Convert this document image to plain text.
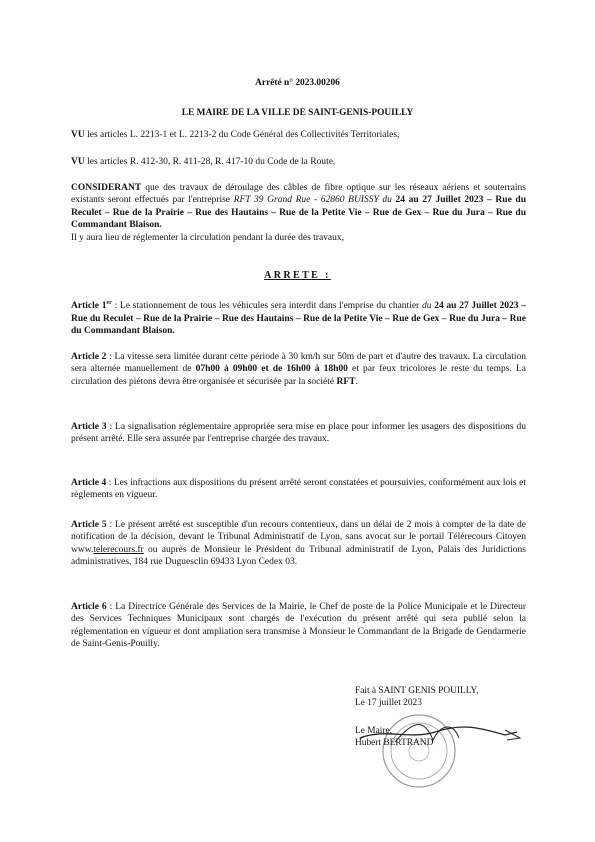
Arrêté n° 2023.00206
LE MAIRE DE LA VILLE DE SAINT-GENIS-POUILLY
VU les articles L. 2213-1 et L. 2213-2 du Code Général des Collectivités Territoriales,
VU les articles R. 412-30, R. 411-28, R. 417-10 du Code de la Route,
CONSIDERANT que des travaux de déroulage des câbles de fibre optique sur les réseaux aériens et souterrains existants seront effectués par l'entreprise RFT 39 Grand Rue - 62860 BUISSY du 24 au 27 Juillet 2023 – Rue du Reculet – Rue de la Prairie – Rue des Hautains – Rue de la Petite Vie – Rue de Gex – Rue du Jura – Rue du Commandant Blaison.
Il y aura lieu de réglementer la circulation pendant la durée des travaux,
ARRETE :
Article 1er : Le stationnement de tous les véhicules sera interdit dans l'emprise du chantier du 24 au 27 Juillet 2023 – Rue du Reculet – Rue de la Prairie – Rue des Hautains – Rue de la Petite Vie – Rue de Gex – Rue du Jura – Rue du Commandant Blaison.
Article 2 : La vitesse sera limitée durant cette période à 30 km/h sur 50m de part et d'autre des travaux. La circulation sera alternée manuellement de 07h00 à 09h00 et de 16h00 à 18h00 et par feux tricolores le reste du temps. La circulation des piétons devra être organisée et sécurisée par la société RFT.
Article 3 : La signalisation réglementaire appropriée sera mise en place pour informer les usagers des dispositions du présent arrêté. Elle sera assurée par l'entreprise chargée des travaux.
Article 4 : Les infractions aux dispositions du présent arrêté seront constatées et poursuivies, conformément aux lois et règlements en vigueur.
Article 5 : Le présent arrêté est susceptible d'un recours contentieux, dans un délai de 2 mois à compter de la date de notification de la décision, devant le Tribunal Administratif de Lyon, sans avocat sur le portail Télérecours Citoyen www.telerecours.fr ou auprès de Monsieur le Président du Tribunal administratif de Lyon, Palais des Juridictions administratives, 184 rue Duguesclin 69433 Lyon Cedex 03.
Article 6 : La Directrice Générale des Services de la Mairie, le Chef de poste de la Police Municipale et le Directeur des Services Techniques Municipaux sont chargés de l'exécution du présent arrêté qui sera publié selon la réglementation en vigueur et dont ampliation sera transmise à Monsieur le Commandant de la Brigade de Gendarmerie de Saint-Genis-Pouilly.
Fait à SAINT GENIS POUILLY,
Le 17 juillet 2023
Le Maire,
Hubert BERTRAND
